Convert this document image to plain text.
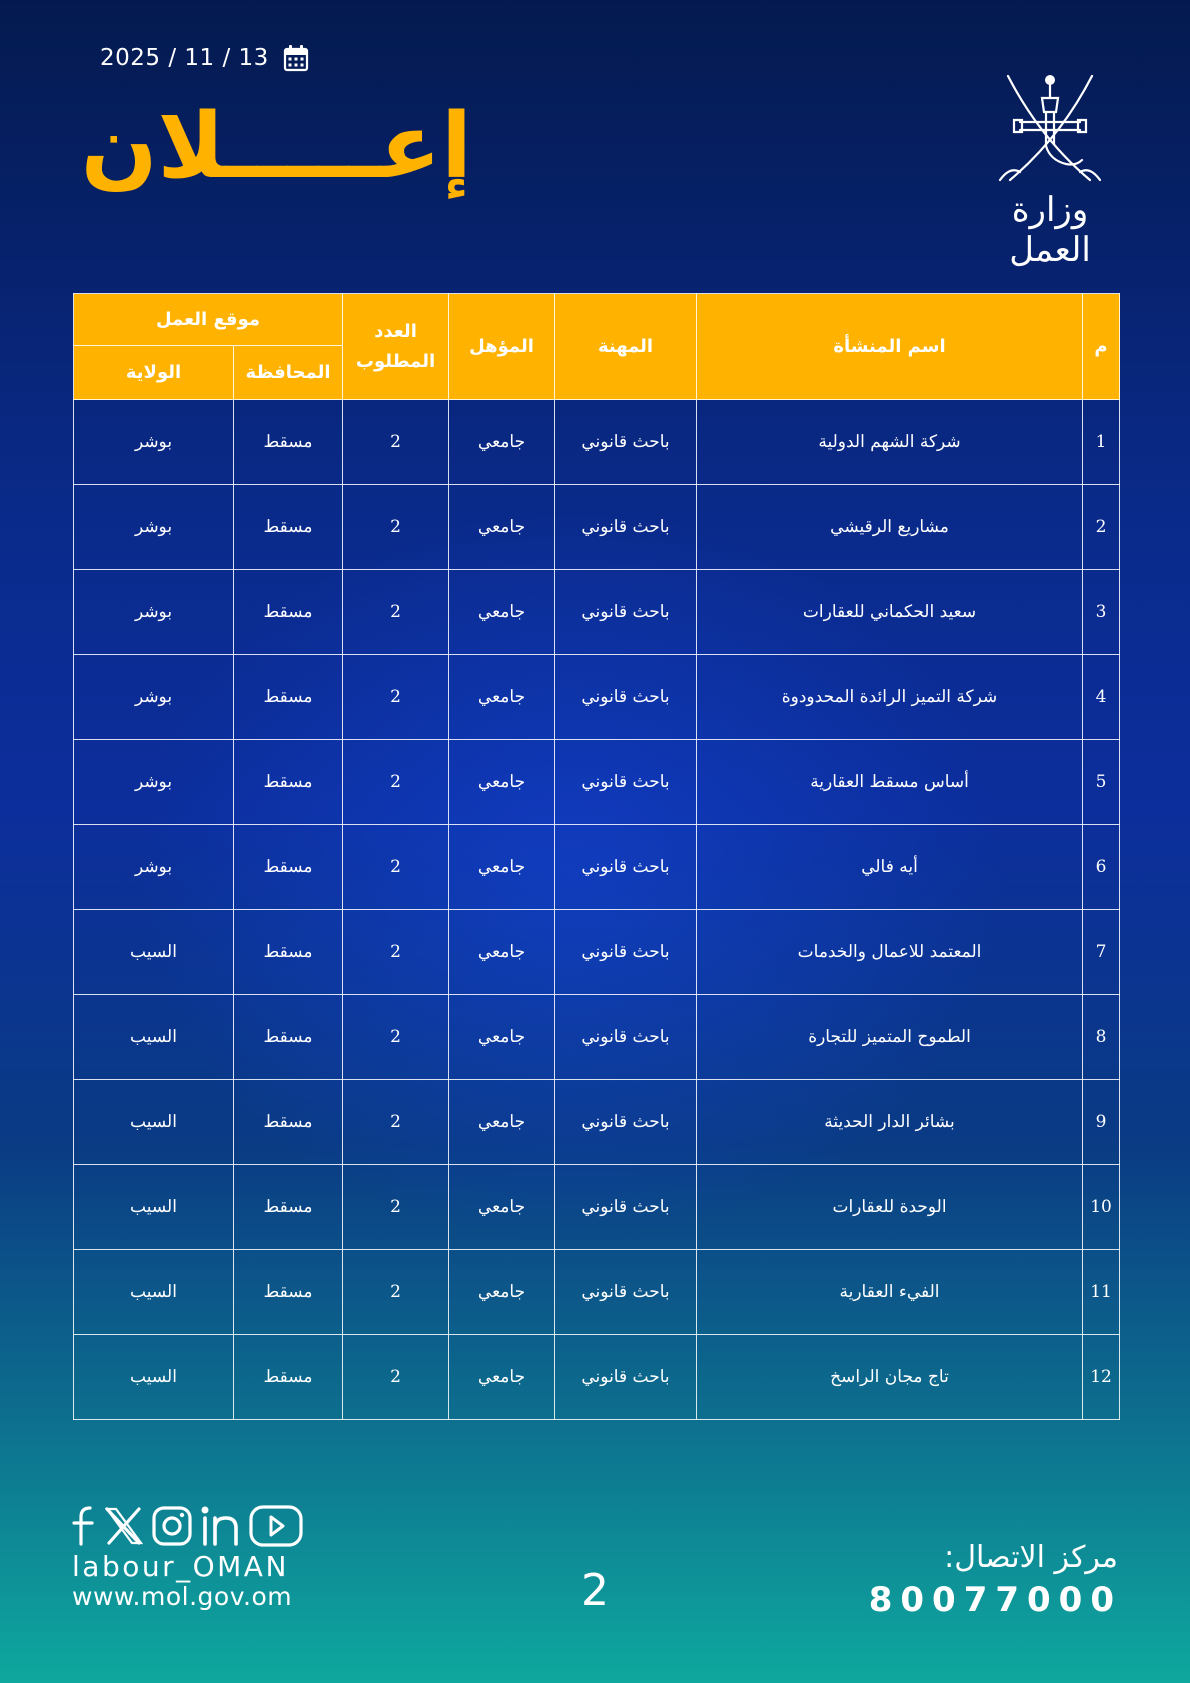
2025 / 11 / 13
إعـــــلان
وزارة العمل
م	اسم المنشأة	المهنة	المؤهل	العدد المطلوب	موقع العمل	
					المحافظة	الولاية
1	شركة الشهم الدولية	باحث قانوني	جامعي	2	مسقط	بوشر
2	مشاريع الرقيشي	باحث قانوني	جامعي	2	مسقط	بوشر
3	سعيد الحكماني للعقارات	باحث قانوني	جامعي	2	مسقط	بوشر
4	شركة التميز الرائدة المحدودوة	باحث قانوني	جامعي	2	مسقط	بوشر
5	أساس مسقط العقارية	باحث قانوني	جامعي	2	مسقط	بوشر
6	أيه فالي	باحث قانوني	جامعي	2	مسقط	بوشر
7	المعتمد للاعمال والخدمات	باحث قانوني	جامعي	2	مسقط	السيب
8	الطموح المتميز للتجارة	باحث قانوني	جامعي	2	مسقط	السيب
9	بشائر الدار الحديثة	باحث قانوني	جامعي	2	مسقط	السيب
10	الوحدة للعقارات	باحث قانوني	جامعي	2	مسقط	السيب
11	الفيء العقارية	باحث قانوني	جامعي	2	مسقط	السيب
12	تاج مجان الراسخ	باحث قانوني	جامعي	2	مسقط	السيب
labour_OMAN
www.mol.gov.om	2
مركز الاتصال:
80077000
